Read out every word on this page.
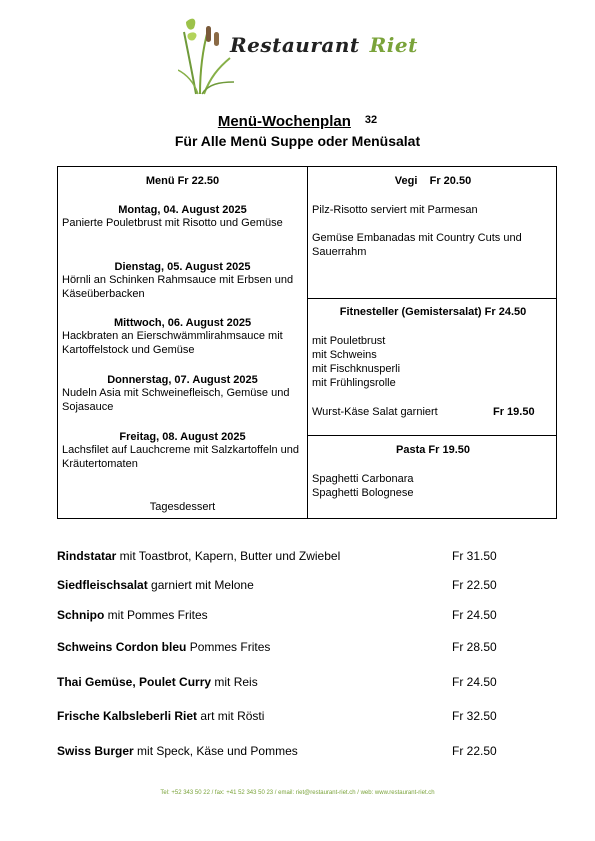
Restaurant Riet
Menü-Wochenplan 32
Für Alle Menü Suppe oder Menüsalat
Menü Fr 22.50
Montag, 04. August 2025
Panierte Pouletbrust mit Risotto und Gemüse
Dienstag, 05. August 2025
Hörnli an Schinken Rahmsauce mit Erbsen und Käseüberbacken
Mittwoch, 06. August 2025
Hackbraten an Eierschwämmlirahmsauce mit Kartoffelstock und Gemüse
Donnerstag, 07. August 2025
Nudeln Asia mit Schweinefleisch, Gemüse und Sojasauce
Freitag, 08. August 2025
Lachsfilet auf Lauchcreme mit Salzkartoffeln und Kräutertomaten
Tagesdessert
Vegi    Fr 20.50
Pilz-Risotto serviert mit Parmesan
Gemüse Embanadas mit Country Cuts und Sauerrahm
Fitnesteller (Gemistersalat) Fr 24.50
mit Pouletbrust
mit Schweins
mit Fischknusperli
mit Frühlingsrolle
Wurst-Käse Salat garniert	Fr 19.50
Pasta Fr 19.50
Spaghetti Carbonara
Spaghetti Bolognese
Rindstatar mit Toastbrot, Kapern, Butter und Zwiebel	Fr 31.50
Siedfleischsalat garniert mit Melone	Fr 22.50
Schnipo mit Pommes Frites	Fr 24.50
Schweins Cordon bleu Pommes Frites	Fr 28.50
Thai Gemüse, Poulet Curry mit Reis	Fr 24.50
Frische Kalbsleberli Riet art mit Rösti	Fr 32.50
Swiss Burger mit Speck, Käse und Pommes	Fr 22.50
Tel: +52 343 50 22 / fax: +41 52 343 50 23 / email: riet@restaurant-riet.ch / web: www.restaurant-riet.ch
